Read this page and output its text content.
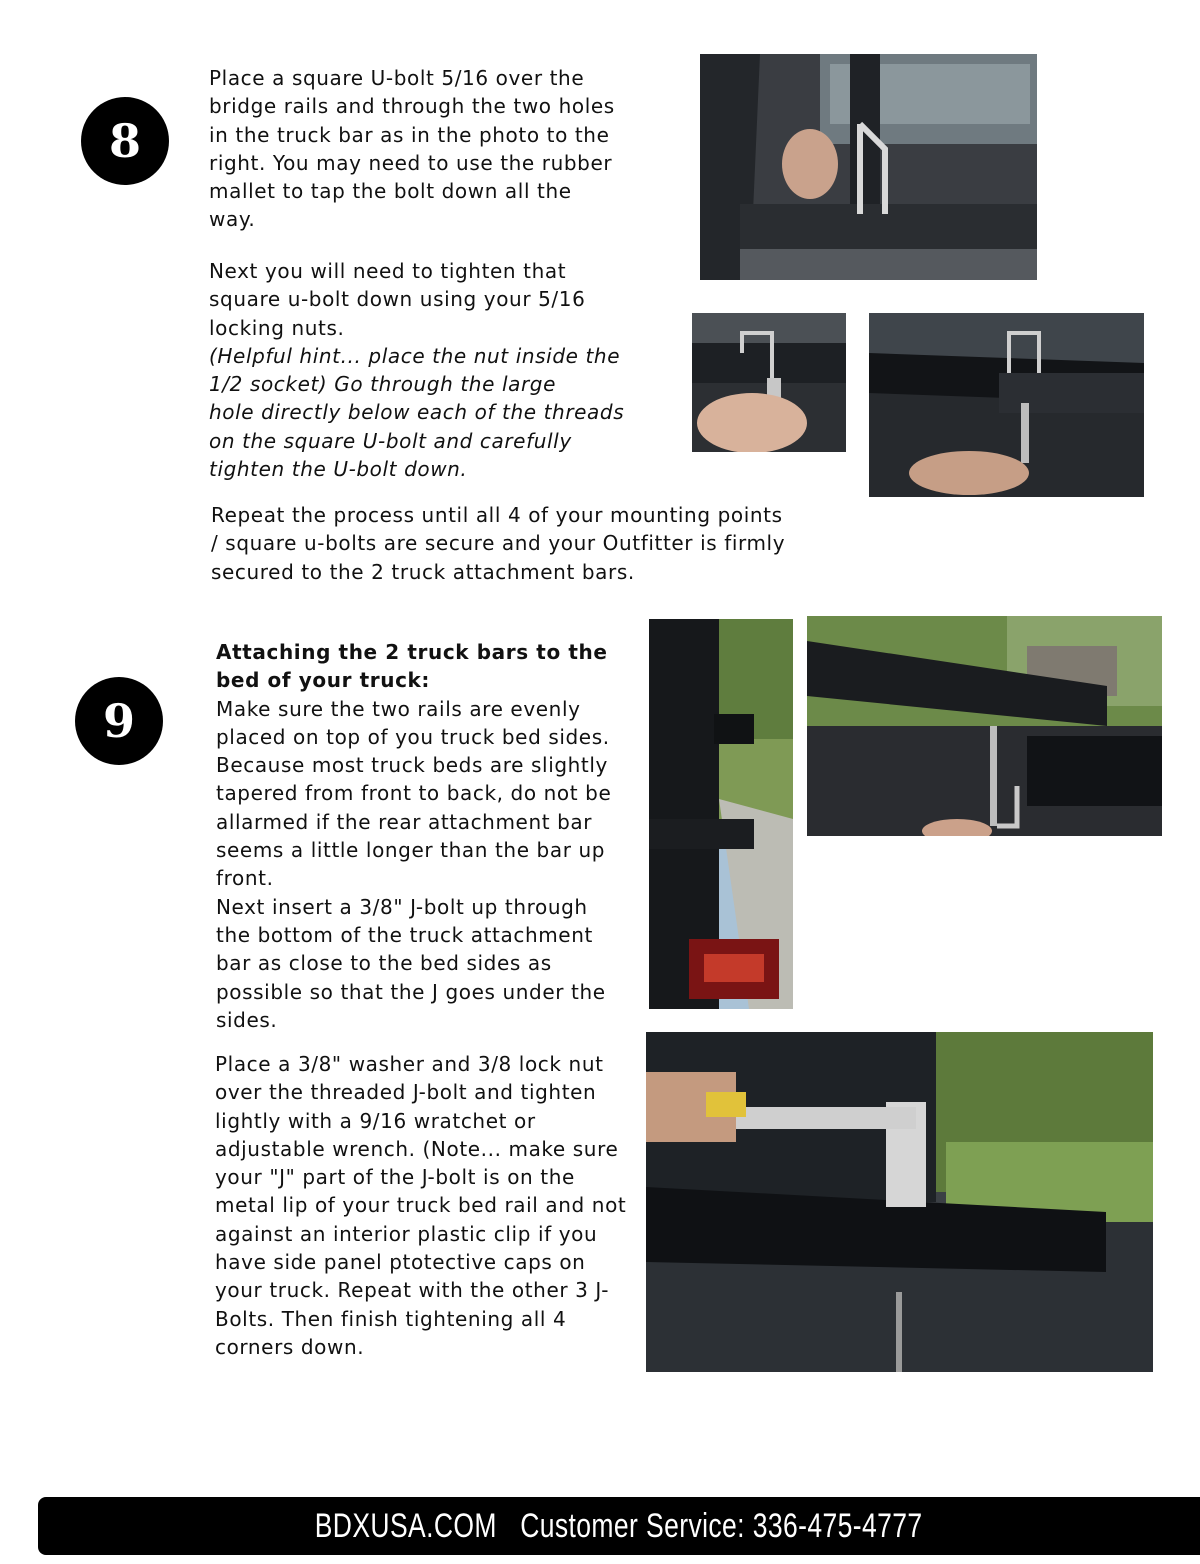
8
Place a square U-bolt 5/16 over the
bridge rails and through the two holes
in the truck bar as in the photo to the
right. You may need to use the rubber
mallet to tap the bolt down all the
way.
Next you will need to tighten that
square u-bolt down using your 5/16
locking nuts.
(Helpful hint... place the nut inside the
1/2 socket) Go through the large
hole directly below each of the threads
on the square U-bolt and carefully
tighten the U-bolt down.
Repeat the process until all 4 of your mounting points
/ square u-bolts are secure and your Outfitter is firmly
secured to the 2 truck attachment bars.
9
Attaching the 2 truck bars to the
bed of your truck:
Make sure the two rails are evenly
placed on top of you truck bed sides.
Because most truck beds are slightly
tapered from front to back, do not be
allarmed if the rear attachment bar
seems a little longer than the bar up
front.
Next insert a 3/8" J-bolt up through
the bottom of the truck attachment
bar as close to the bed sides as
possible so that the J goes under the
sides.
Place a 3/8" washer and 3/8 lock nut
over the threaded J-bolt and tighten
lightly with a 9/16 wratchet or
adjustable wrench. (Note... make sure
your "J" part of the J-bolt is on the
metal lip of your truck bed rail and not
against an interior plastic clip if you
have side panel ptotective caps on
your truck. Repeat with the other 3 J-
Bolts. Then finish tightening all 4
corners down.
BDXUSA.COM   Customer Service: 336-475-4777
